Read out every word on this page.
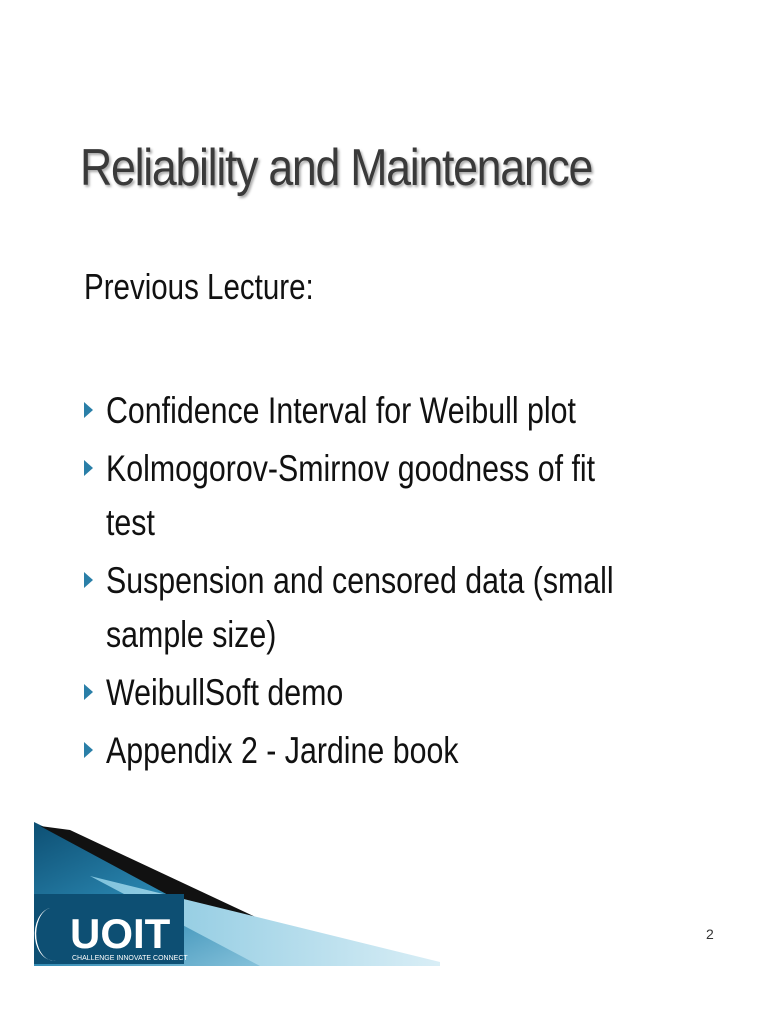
Reliability and Maintenance
Previous Lecture:
Confidence Interval for Weibull plot
Kolmogorov-Smirnov goodness of fit test
Suspension and censored data (small sample size)
WeibullSoft demo
Appendix 2 - Jardine book
UOIT
CHALLENGE INNOVATE CONNECT
2
